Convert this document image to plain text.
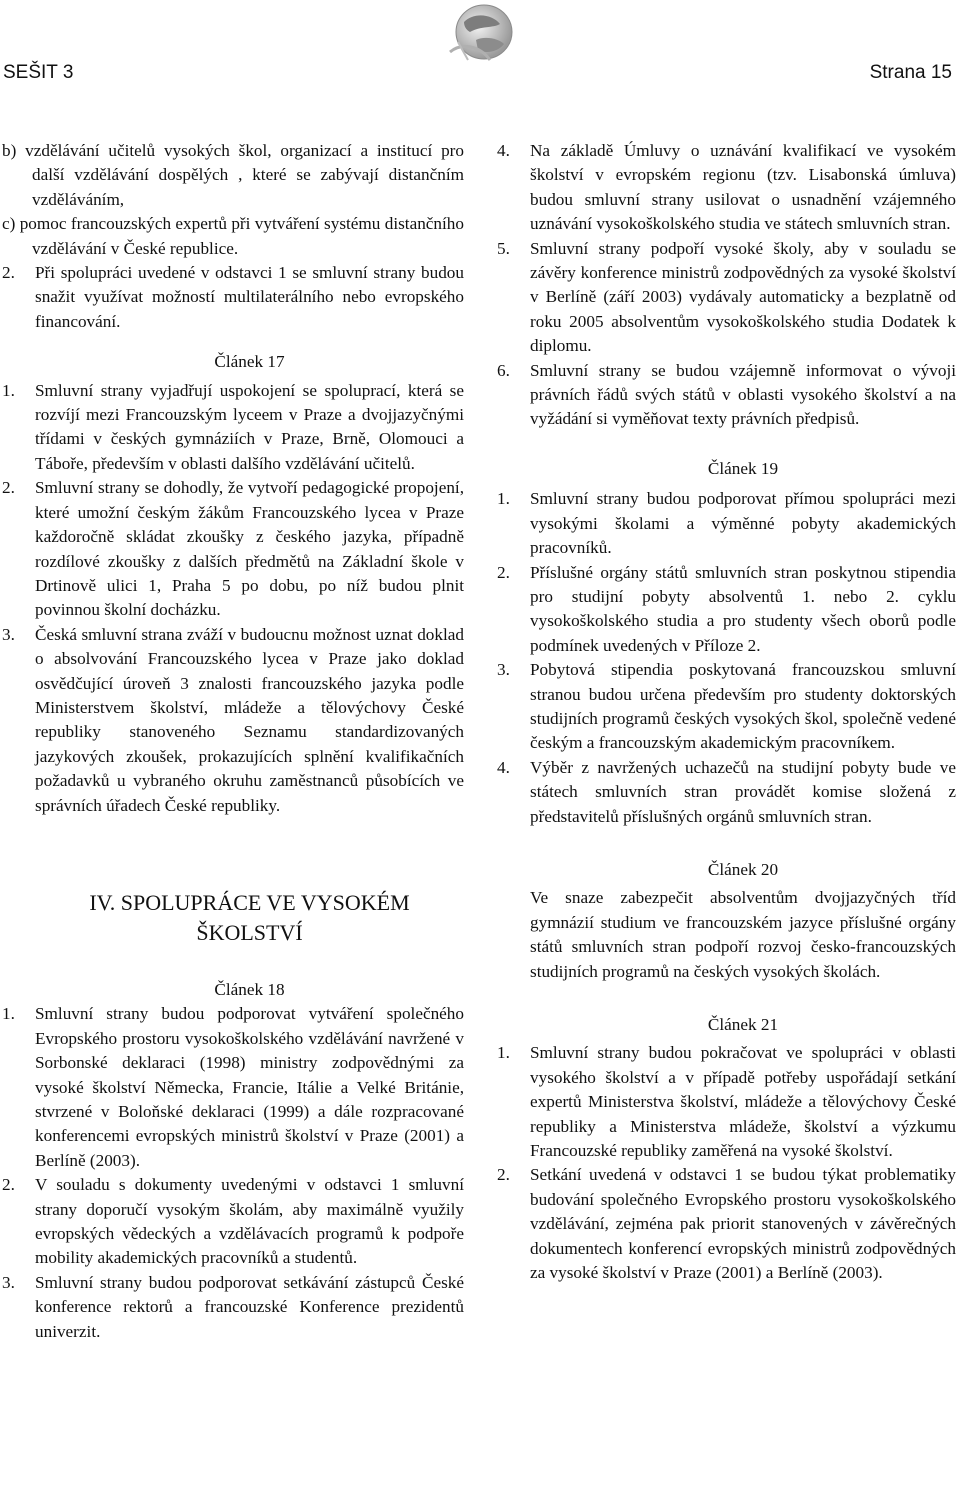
SEŠIT 3	Strana 15

b) vzdělávání učitelů vysokých škol, organizací a institucí pro další vzdělávání dospělých , které se zabývají distančním vzděláváním,

c) pomoc francouzských expertů při vytváření systému distančního vzdělávání v České republice.

2. Při spolupráci uvedené v odstavci 1 se smluvní strany budou snažit využívat možností multilaterálního nebo evropského financování.

Článek 17

1. Smluvní strany vyjadřují uspokojení se spoluprací, která se rozvíjí mezi Francouzským lyceem v Praze a dvojjazyčnými třídami v českých gymnáziích v Praze, Brně, Olomouci a Táboře, především v oblasti dalšího vzdělávání učitelů.
2. Smluvní strany se dohodly, že vytvoří pedagogické propojení, které umožní českým žákům Francouzského lycea v Praze každoročně skládat zkoušky z českého jazyka, případně rozdílové zkoušky z dalších předmětů na Základní škole v Drtinově ulici 1, Praha 5 po dobu, po níž budou plnit povinnou školní docházku.
3. Česká smluvní strana zváží v budoucnu možnost uznat doklad o absolvování Francouzského lycea v Praze jako doklad osvědčující úroveň 3 znalosti francouzského jazyka podle Ministerstvem školství, mládeže a tělovýchovy České republiky stanoveného Seznamu standardizovaných jazykových zkoušek, prokazujících splnění kvalifikačních požadavků u vybraného okruhu zaměstnanců působících ve správních úřadech České republiky.

IV. SPOLUPRÁCE VE VYSOKÉM

ŠKOLSTVÍ

Článek 18

1. Smluvní strany budou podporovat vytváření společného Evropského prostoru vysokoškolského vzdělávání navržené v Sorbonské deklaraci (1998) ministry zodpovědnými za vysoké školství Německa, Francie, Itálie a Velké Británie, stvrzené v Boloňské deklaraci (1999) a dále rozpracované konferencemi evropských ministrů školství v Praze (2001) a Berlíně (2003).
2. V souladu s dokumenty uvedenými v odstavci 1 smluvní strany doporučí vysokým školám, aby maximálně využily evropských vědeckých a vzdělávacích programů k podpoře mobility akademických pracovníků a studentů.
3. Smluvní strany budou podporovat setkávání zástupců České konference rektorů a francouzské Konference prezidentů univerzit.
4. Na základě Úmluvy o uznávání kvalifikací ve vysokém školství v evropském regionu (tzv. Lisabonská úmluva) budou smluvní strany usilovat o usnadnění vzájemného uznávání vysokoškolského studia ve státech smluvních stran.
5. Smluvní strany podpoří vysoké školy, aby v souladu se závěry konference ministrů zodpovědných za vysoké školství v Berlíně (září 2003) vydávaly automaticky a bezplatně od roku 2005 absolventům vysokoškolského studia Dodatek k diplomu.
6. Smluvní strany se budou vzájemně informovat o vývoji právních řádů svých států v oblasti vysokého školství a na vyžádání si vyměňovat texty právních předpisů.

Článek 19

1. Smluvní strany budou podporovat přímou spolupráci mezi vysokými školami a výměnné pobyty akademických pracovníků.
2. Příslušné orgány států smluvních stran poskytnou stipendia pro studijní pobyty absolventů 1. nebo 2. cyklu vysokoškolského studia a pro studenty všech oborů podle podmínek uvedených v Příloze 2.
3. Pobytová stipendia poskytovaná francouzskou smluvní stranou budou určena především pro studenty doktorských studijních programů českých vysokých škol, společně vedené českým a francouzským akademickým pracovníkem.
4. Výběr z navržených uchazečů na studijní pobyty bude ve státech smluvních stran provádět komise složená z představitelů příslušných orgánů smluvních stran.

Článek 20

Ve snaze zabezpečit absolventům dvojjazyčných tříd gymnázií studium ve francouzském jazyce příslušné orgány států smluvních stran podpoří rozvoj česko-francouzských studijních programů na českých vysokých školách.

Článek 21

1. Smluvní strany budou pokračovat ve spolupráci v oblasti vysokého školství a v případě potřeby uspořádají setkání expertů Ministerstva školství, mládeže a tělovýchovy České republiky a Ministerstva mládeže, školství a výzkumu Francouzské republiky zaměřená na vysoké školství.
2. Setkání uvedená v odstavci 1 se budou týkat problematiky budování společného Evropského prostoru vysokoškolského vzdělávání, zejména pak priorit stanovených v závěrečných dokumentech konferencí evropských ministrů zodpovědných za vysoké školství v Praze (2001) a Berlíně (2003).
